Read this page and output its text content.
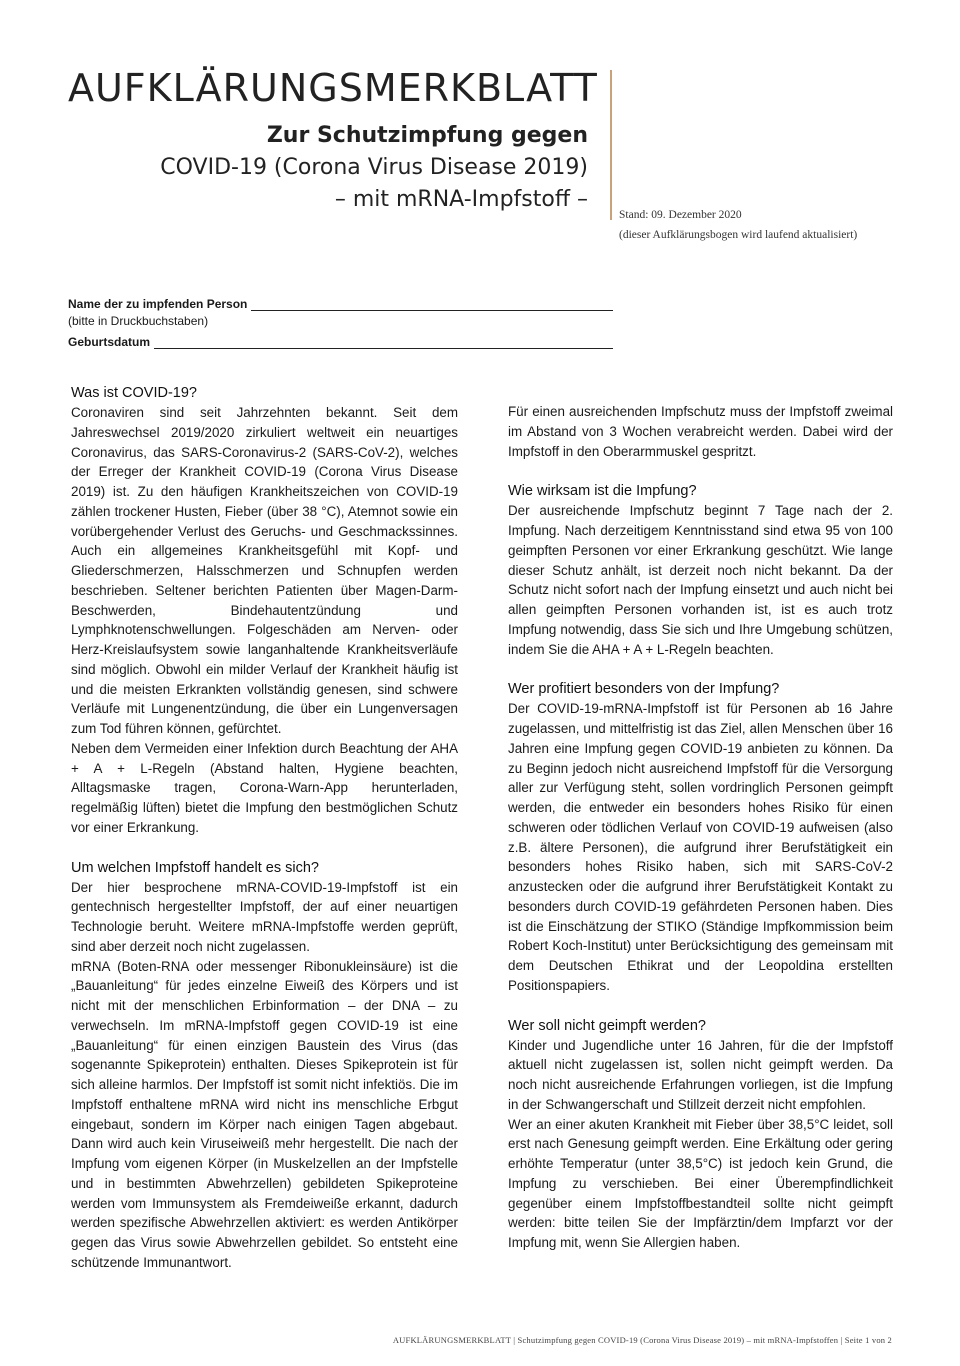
AUFKLÄRUNGSMERKBLATT
Zur Schutzimpfung gegen
COVID-19 (Corona Virus Disease 2019)
– mit mRNA-Impfstoff –
Stand: 09. Dezember 2020
(dieser Aufklärungsbogen wird laufend aktualisiert)
Name der zu impfenden Person
(bitte in Druckbuchstaben)
Geburtsdatum
Was ist COVID-19?

Coronaviren sind seit Jahrzehnten bekannt. Seit dem Jahreswechsel 2019/2020 zirkuliert weltweit ein neuartiges Coronavirus, das SARS-Coronavirus-2 (SARS-CoV-2), welches der Erreger der Krankheit COVID-19 (Corona Virus Disease 2019) ist. Zu den häufigen Krankheitszeichen von COVID-19 zählen trockener Husten, Fieber (über 38 °C), Atemnot sowie ein vorübergehender Verlust des Geruchs- und Geschmackssinnes. Auch ein allgemeines Krankheitsgefühl mit Kopf- und Gliederschmerzen, Halsschmerzen und Schnupfen werden beschrieben. Seltener berichten Patienten über Magen-Darm-Beschwerden, Bindehautentzündung und Lymphknotenschwellungen. Folgeschäden am Nerven- oder Herz-Kreislaufsystem sowie langanhaltende Krankheitsverläufe sind möglich. Obwohl ein milder Verlauf der Krankheit häufig ist und die meisten Erkrankten vollständig genesen, sind schwere Verläufe mit Lungenentzündung, die über ein Lungenversagen zum Tod führen können, gefürchtet.

Neben dem Vermeiden einer Infektion durch Beachtung der AHA + A + L-Regeln (Abstand halten, Hygiene beachten, Alltagsmaske tragen, Corona-Warn-App herunterladen, regelmäßig lüften) bietet die Impfung den bestmöglichen Schutz vor einer Erkrankung.

Um welchen Impfstoff handelt es sich?

Der hier besprochene mRNA-COVID-19-Impfstoff ist ein gentechnisch hergestellter Impfstoff, der auf einer neuartigen Technologie beruht. Weitere mRNA-Impfstoffe werden geprüft, sind aber derzeit noch nicht zugelassen.

mRNA (Boten-RNA oder messenger Ribonukleinsäure) ist die „Bauanleitung“ für jedes einzelne Eiweiß des Körpers und ist nicht mit der menschlichen Erbinformation – der DNA – zu verwechseln. Im mRNA-Impfstoff gegen COVID-19 ist eine „Bauanleitung“ für einen einzigen Baustein des Virus (das sogenannte Spikeprotein) enthalten. Dieses Spikeprotein ist für sich alleine harmlos. Der Impfstoff ist somit nicht infektiös. Die im Impfstoff enthaltene mRNA wird nicht ins menschliche Erbgut eingebaut, sondern im Körper nach einigen Tagen abgebaut. Dann wird auch kein Viruseiweiß mehr hergestellt. Die nach der Impfung vom eigenen Körper (in Muskelzellen an der Impfstelle und in bestimmten Abwehrzellen) gebildeten Spikeproteine werden vom Immunsystem als Fremdeiweiße erkannt, dadurch werden spezifische Abwehrzellen aktiviert: es werden Antikörper gegen das Virus sowie Abwehrzellen gebildet. So entsteht eine schützende Immunantwort.

Für einen ausreichenden Impfschutz muss der Impfstoff zweimal im Abstand von 3 Wochen verabreicht werden. Dabei wird der Impfstoff in den Oberarmmuskel gespritzt.

Wie wirksam ist die Impfung?

Der ausreichende Impfschutz beginnt 7 Tage nach der 2. Impfung. Nach derzeitigem Kenntnisstand sind etwa 95 von 100 geimpften Personen vor einer Erkrankung geschützt. Wie lange dieser Schutz anhält, ist derzeit noch nicht bekannt. Da der Schutz nicht sofort nach der Impfung einsetzt und auch nicht bei allen geimpften Personen vorhanden ist, ist es auch trotz Impfung notwendig, dass Sie sich und Ihre Umgebung schützen, indem Sie die AHA + A + L-Regeln beachten.

Wer profitiert besonders von der Impfung?

Der COVID-19-mRNA-Impfstoff ist für Personen ab 16 Jahre zugelassen, und mittelfristig ist das Ziel, allen Menschen über 16 Jahren eine Impfung gegen COVID-19 anbieten zu können. Da zu Beginn jedoch nicht ausreichend Impfstoff für die Versorgung aller zur Verfügung steht, sollen vordringlich Personen geimpft werden, die entweder ein besonders hohes Risiko für einen schweren oder tödlichen Verlauf von COVID-19 aufweisen (also z.B. ältere Personen), die aufgrund ihrer Berufstätigkeit ein besonders hohes Risiko haben, sich mit SARS-CoV-2 anzustecken oder die aufgrund ihrer Berufstätigkeit Kontakt zu besonders durch COVID-19 gefährdeten Personen haben. Dies ist die Einschätzung der STIKO (Ständige Impfkommission beim Robert Koch-Institut) unter Berücksichtigung des gemeinsam mit dem Deutschen Ethikrat und der Leopoldina erstellten Positionspapiers.

Wer soll nicht geimpft werden?

Kinder und Jugendliche unter 16 Jahren, für die der Impfstoff aktuell nicht zugelassen ist, sollen nicht geimpft werden. Da noch nicht ausreichende Erfahrungen vorliegen, ist die Impfung in der Schwangerschaft und Stillzeit derzeit nicht empfohlen.

Wer an einer akuten Krankheit mit Fieber über 38,5°C leidet, soll erst nach Genesung geimpft werden. Eine Erkältung oder gering erhöhte Temperatur (unter 38,5°C) ist jedoch kein Grund, die Impfung zu verschieben. Bei einer Überempfindlichkeit gegenüber einem Impfstoffbestandteil sollte nicht geimpft werden: bitte teilen Sie der Impfärztin/dem Impfarzt vor der Impfung mit, wenn Sie Allergien haben.

AUFKLÄRUNGSMERKBLATT | Schutzimpfung gegen COVID-19 (Corona Virus Disease 2019) – mit mRNA-Impfstoffen | Seite 1 von 2
